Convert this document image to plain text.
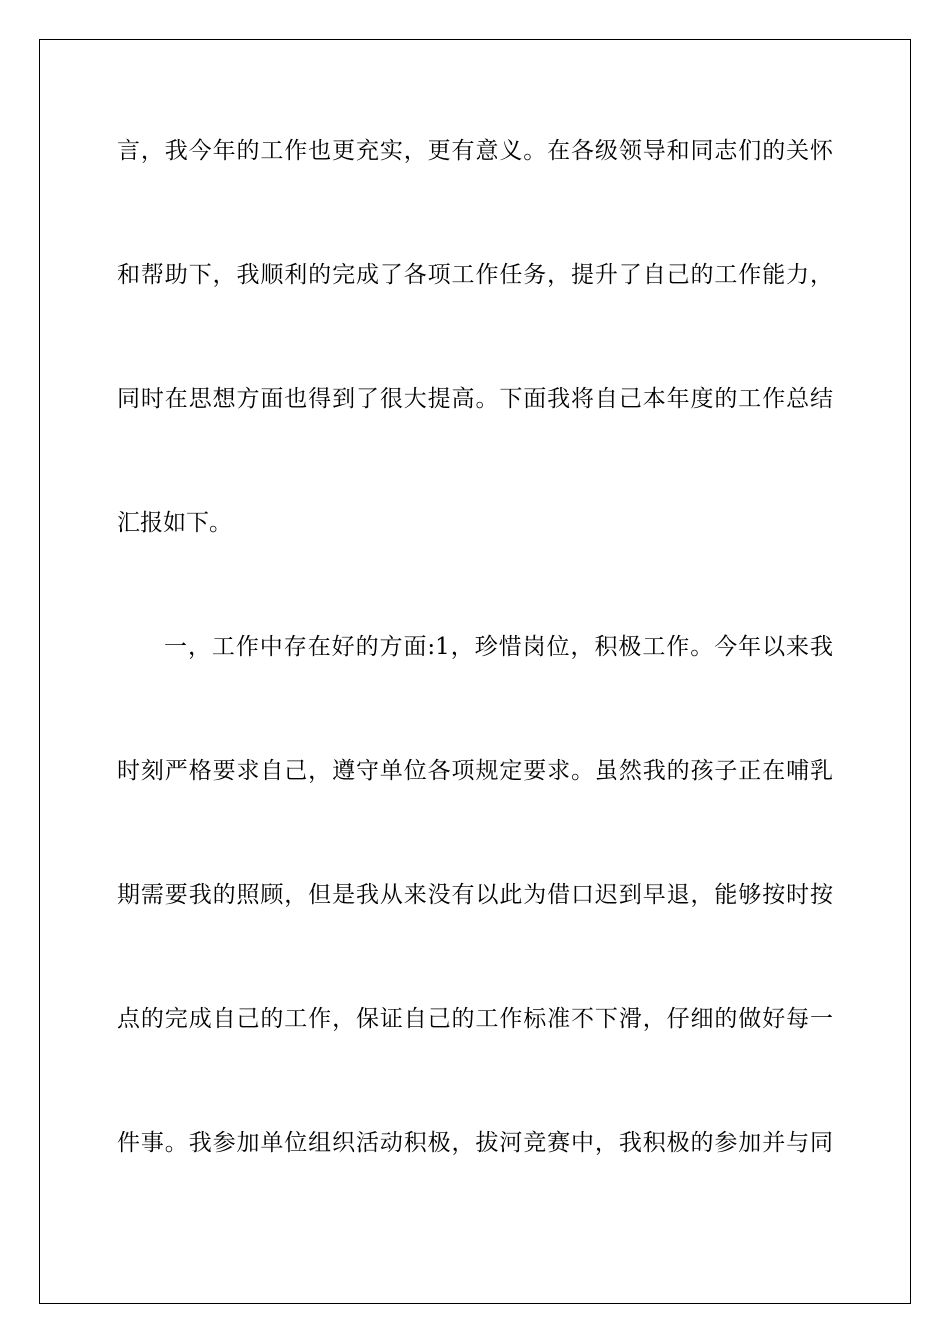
言，我今年的工作也更充实，更有意义。在各级领导和同志们的关怀
和帮助下，我顺利的完成了各项工作任务，提升了自己的工作能力，
同时在思想方面也得到了很大提高。下面我将自己本年度的工作总结
汇报如下。
一，工作中存在好的方面:1，珍惜岗位，积极工作。今年以来我
时刻严格要求自己，遵守单位各项规定要求。虽然我的孩子正在哺乳
期需要我的照顾，但是我从来没有以此为借口迟到早退，能够按时按
点的完成自己的工作，保证自己的工作标准不下滑，仔细的做好每一
件事。我参加单位组织活动积极，拔河竞赛中，我积极的参加并与同
